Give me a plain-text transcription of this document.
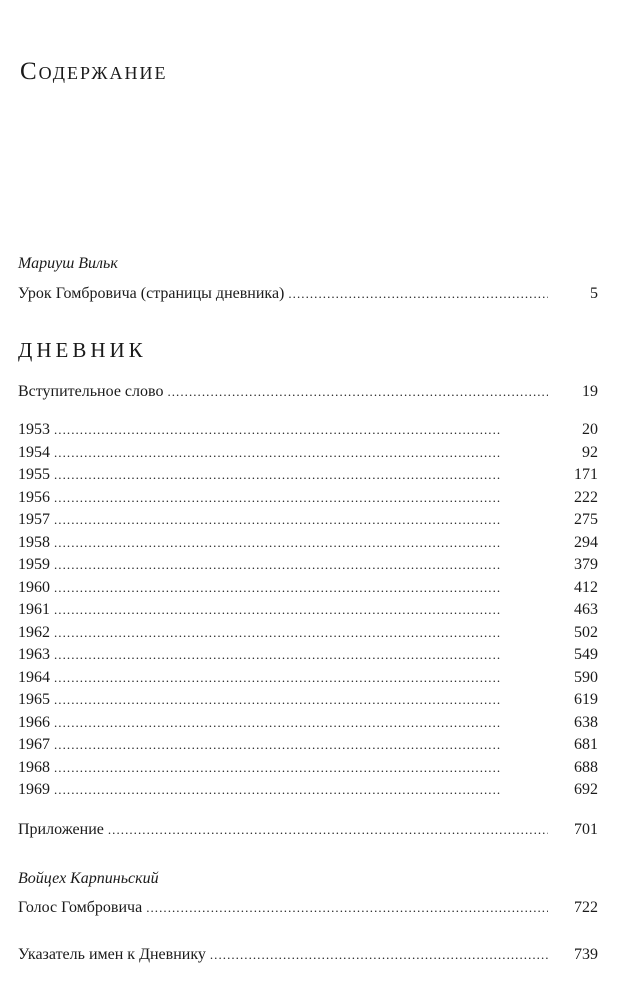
Содержание
Мариуш Вильк
Урок Гомбровича (страницы дневника) . . .	5
ДНЕВНИК
Вступительное слово . . .	19
1953 . . .	20
1954 . . .	92
1955 . . .	171
1956 . . .	222
1957 . . .	275
1958 . . .	294
1959 . . .	379
1960 . . .	412
1961 . . .	463
1962 . . .	502
1963 . . .	549
1964 . . .	590
1965 . . .	619
1966 . . .	638
1967 . . .	681
1968 . . .	688
1969 . . .	692
Приложение . . .	701
Войцех Карпиньский
Голос Гомбровича . . .	722
Указатель имен к Дневнику . . .	739
